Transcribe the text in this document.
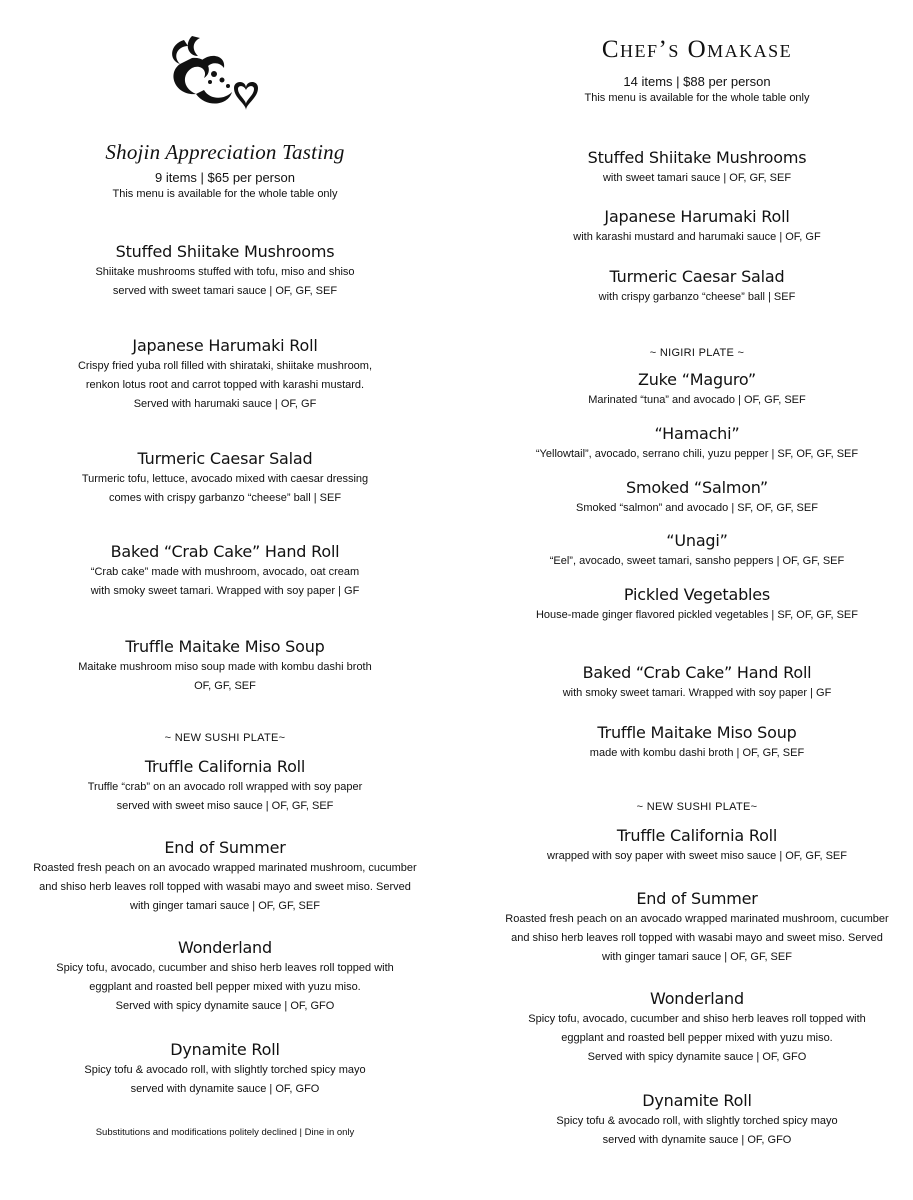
Shojin Appreciation Tasting
9 items | $65 per person
This menu is available for the whole table only
Stuffed Shiitake Mushrooms
Shiitake mushrooms stuffed with tofu, miso and shiso
served with sweet tamari sauce | OF, GF, SEF
Japanese Harumaki Roll
Crispy fried yuba roll filled with shirataki, shiitake mushroom,
renkon lotus root and carrot topped with karashi mustard.
Served with harumaki sauce | OF, GF
Turmeric Caesar Salad
Turmeric tofu, lettuce, avocado mixed with caesar dressing
comes with crispy garbanzo “cheese” ball | SEF
Baked “Crab Cake” Hand Roll
“Crab cake” made with mushroom, avocado, oat cream
with smoky sweet tamari. Wrapped with soy paper | GF
Truffle Maitake Miso Soup
Maitake mushroom miso soup made with kombu dashi broth
OF, GF, SEF
~ NEW SUSHI PLATE~
Truffle California Roll
Truffle “crab” on an avocado roll wrapped with soy paper
served with sweet miso sauce | OF, GF, SEF
End of Summer
Roasted fresh peach on an avocado wrapped marinated mushroom, cucumber
and shiso herb leaves roll topped with wasabi mayo and sweet miso. Served
with ginger tamari sauce | OF, GF, SEF
Wonderland
Spicy tofu, avocado, cucumber and shiso herb leaves roll topped with
eggplant and roasted bell pepper mixed with yuzu miso.
Served with spicy dynamite sauce | OF, GFO
Dynamite Roll
Spicy tofu & avocado roll, with slightly torched spicy mayo
served with dynamite sauce | OF, GFO
Substitutions and modifications politely declined | Dine in only
Chef’s Omakase
14 items | $88 per person
This menu is available for the whole table only
Stuffed Shiitake Mushrooms
with sweet tamari sauce | OF, GF, SEF
Japanese Harumaki Roll
with karashi mustard and harumaki sauce | OF, GF
Turmeric Caesar Salad
with crispy garbanzo “cheese” ball | SEF
~ NIGIRI PLATE ~
Zuke “Maguro”
Marinated “tuna” and avocado | OF, GF, SEF
“Hamachi”
“Yellowtail”, avocado, serrano chili, yuzu pepper | SF, OF, GF, SEF
Smoked “Salmon”
Smoked “salmon” and avocado | SF, OF, GF, SEF
“Unagi”
“Eel”, avocado, sweet tamari, sansho peppers | OF, GF, SEF
Pickled Vegetables
House-made ginger flavored pickled vegetables | SF, OF, GF, SEF
Baked “Crab Cake” Hand Roll
with smoky sweet tamari. Wrapped with soy paper | GF
Truffle Maitake Miso Soup
made with kombu dashi broth | OF, GF, SEF
~ NEW SUSHI PLATE~
Truffle California Roll
wrapped with soy paper with sweet miso sauce | OF, GF, SEF
End of Summer
Roasted fresh peach on an avocado wrapped marinated mushroom, cucumber
and shiso herb leaves roll topped with wasabi mayo and sweet miso. Served
with ginger tamari sauce | OF, GF, SEF
Wonderland
Spicy tofu, avocado, cucumber and shiso herb leaves roll topped with
eggplant and roasted bell pepper mixed with yuzu miso.
Served with spicy dynamite sauce | OF, GFO
Dynamite Roll
Spicy tofu & avocado roll, with slightly torched spicy mayo
served with dynamite sauce | OF, GFO
